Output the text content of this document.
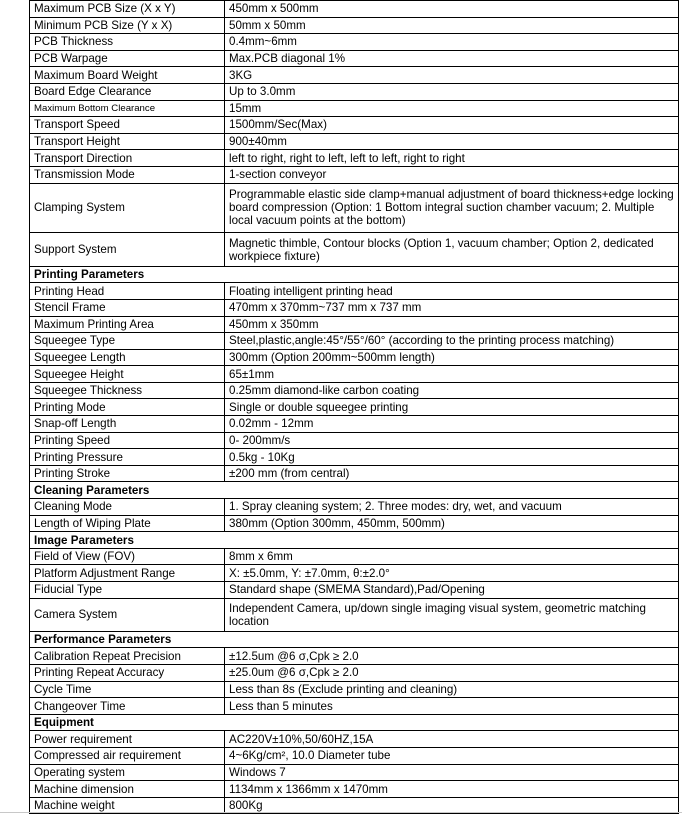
Maximum PCB Size (X x Y)	450mm x 500mm
Minimum PCB Size (Y x X)	50mm x 50mm
PCB Thickness	0.4mm~6mm
PCB Warpage	Max.PCB diagonal 1%
Maximum Board Weight	3KG
Board Edge Clearance	Up to 3.0mm
Maximum Bottom Clearance	15mm
Transport Speed	1500mm/Sec(Max)
Transport Height	900±40mm
Transport Direction	left to right, right to left, left to left, right to right
Transmission Mode	1-section conveyor
Clamping System	Programmable elastic side clamp+manual adjustment of board thickness+edge locking board compression (Option: 1 Bottom integral suction chamber vacuum; 2. Multiple local vacuum points at the bottom)
Support System	Magnetic thimble, Contour blocks (Option 1, vacuum chamber; Option 2, dedicated workpiece fixture)
Printing Parameters	
Printing Head	Floating intelligent printing head
Stencil Frame	470mm x 370mm~737 mm x 737 mm
Maximum Printing Area	450mm x 350mm
Squeegee Type	Steel,plastic,angle:45°/55°/60° (according to the printing process matching)
Squeegee Length	300mm (Option 200mm~500mm length)
Squeegee Height	65±1mm
Squeegee Thickness	0.25mm diamond-like carbon coating
Printing Mode	Single or double squeegee printing
Snap-off Length	0.02mm - 12mm
Printing Speed	0- 200mm/s
Printing Pressure	0.5kg - 10Kg
Printing Stroke	±200 mm (from central)
Cleaning Parameters	
Cleaning Mode	1. Spray cleaning system; 2. Three modes: dry, wet, and vacuum
Length of Wiping Plate	380mm (Option 300mm, 450mm, 500mm)
Image Parameters	
Field of View (FOV)	8mm x 6mm
Platform Adjustment Range	X: ±5.0mm, Y: ±7.0mm, θ:±2.0°
Fiducial Type	Standard shape (SMEMA Standard),Pad/Opening
Camera System	Independent Camera, up/down single imaging visual system, geometric matching location
Performance Parameters	
Calibration Repeat Precision	±12.5um @6 σ,Cpk ≥ 2.0
Printing Repeat Accuracy	±25.0um @6 σ,Cpk ≥ 2.0
Cycle Time	Less than 8s (Exclude printing and cleaning)
Changeover Time	Less than 5 minutes
Equipment	
Power requirement	AC220V±10%,50/60HZ,15A
Compressed air requirement	4~6Kg/cm², 10.0 Diameter tube
Operating system	Windows 7
Machine dimension	1134mm x 1366mm x 1470mm
Machine weight	800Kg
